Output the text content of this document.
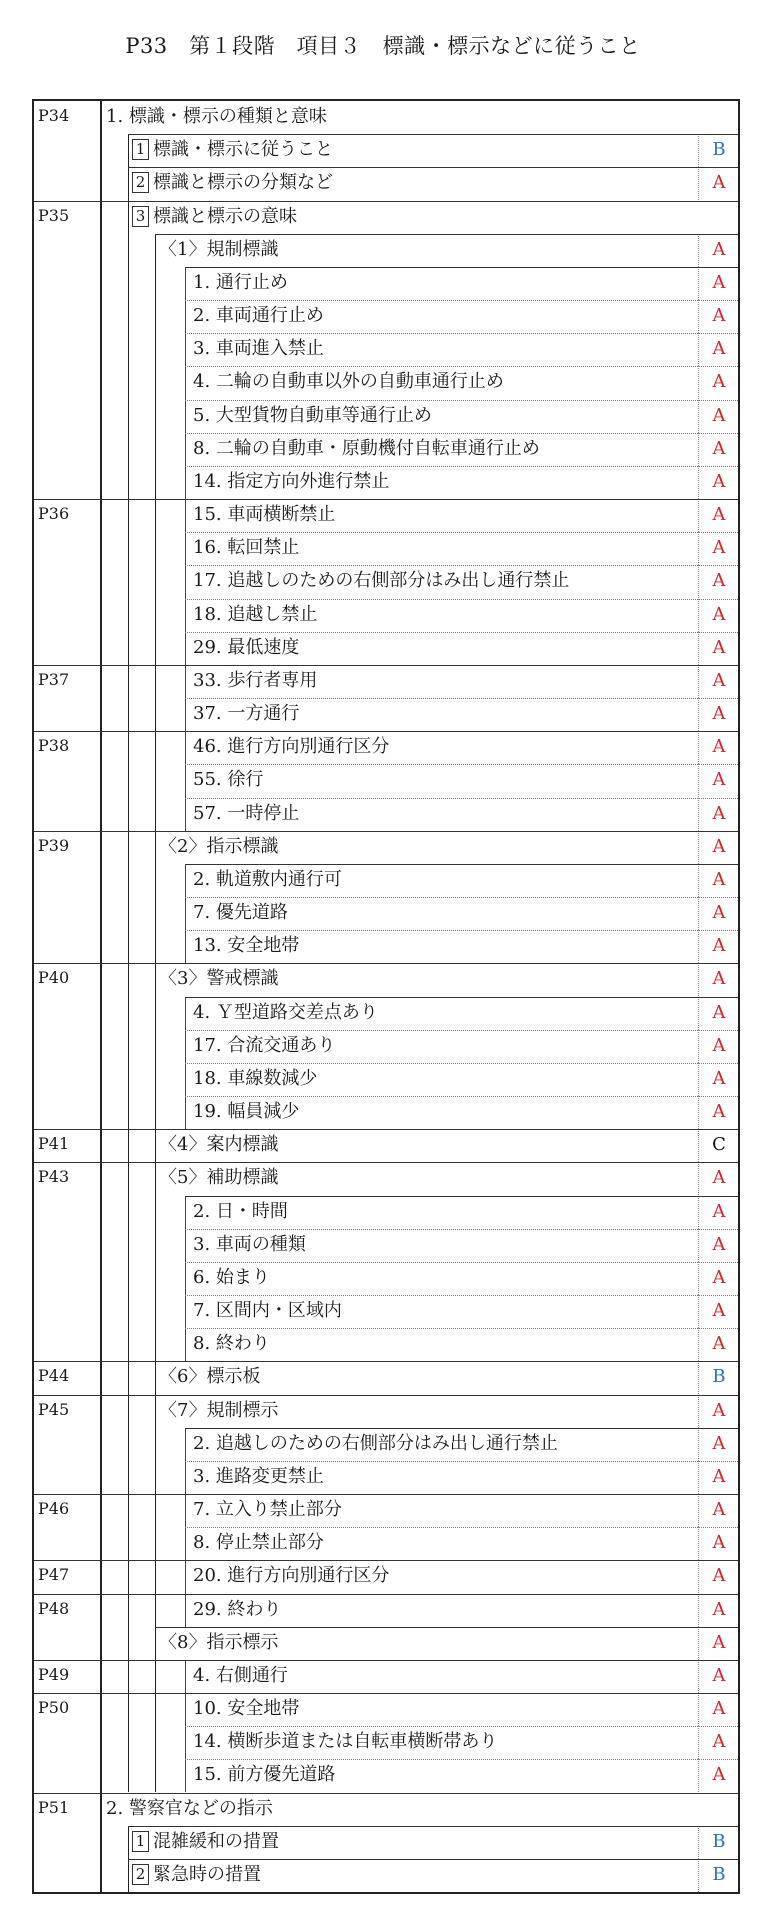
P33　第１段階　項目３　標識・標示などに従うこと
P34	1. 標識・標示の種類と意味
1 標識・標示に従うこと	B
2 標識と標示の分類など	A
P35	3 標識と標示の意味
〈1〉規制標識	A
1. 通行止め	A
2. 車両通行止め	A
3. 車両進入禁止	A
4. 二輪の自動車以外の自動車通行止め	A
5. 大型貨物自動車等通行止め	A
8. 二輪の自動車・原動機付自転車通行止め	A
14. 指定方向外進行禁止	A
P36	15. 車両横断禁止	A
16. 転回禁止	A
17. 追越しのための右側部分はみ出し通行禁止	A
18. 追越し禁止	A
29. 最低速度	A
P37	33. 歩行者専用	A
37. 一方通行	A
P38	46. 進行方向別通行区分	A
55. 徐行	A
57. 一時停止	A
P39	〈2〉指示標識	A
2. 軌道敷内通行可	A
7. 優先道路	A
13. 安全地帯	A
P40	〈3〉警戒標識	A
4. Ｙ型道路交差点あり	A
17. 合流交通あり	A
18. 車線数減少	A
19. 幅員減少	A
P41	〈4〉案内標識	C
P43	〈5〉補助標識	A
2. 日・時間	A
3. 車両の種類	A
6. 始まり	A
7. 区間内・区域内	A
8. 終わり	A
P44	〈6〉標示板	B
P45	〈7〉規制標示	A
2. 追越しのための右側部分はみ出し通行禁止	A
3. 進路変更禁止	A
P46	7. 立入り禁止部分	A
8. 停止禁止部分	A
P47	20. 進行方向別通行区分	A
P48	29. 終わり	A
〈8〉指示標示	A
P49	4. 右側通行	A
P50	10. 安全地帯	A
14. 横断歩道または自転車横断帯あり	A
15. 前方優先道路	A
P51	2. 警察官などの指示
1 混雑緩和の措置	B
2 緊急時の措置	B
